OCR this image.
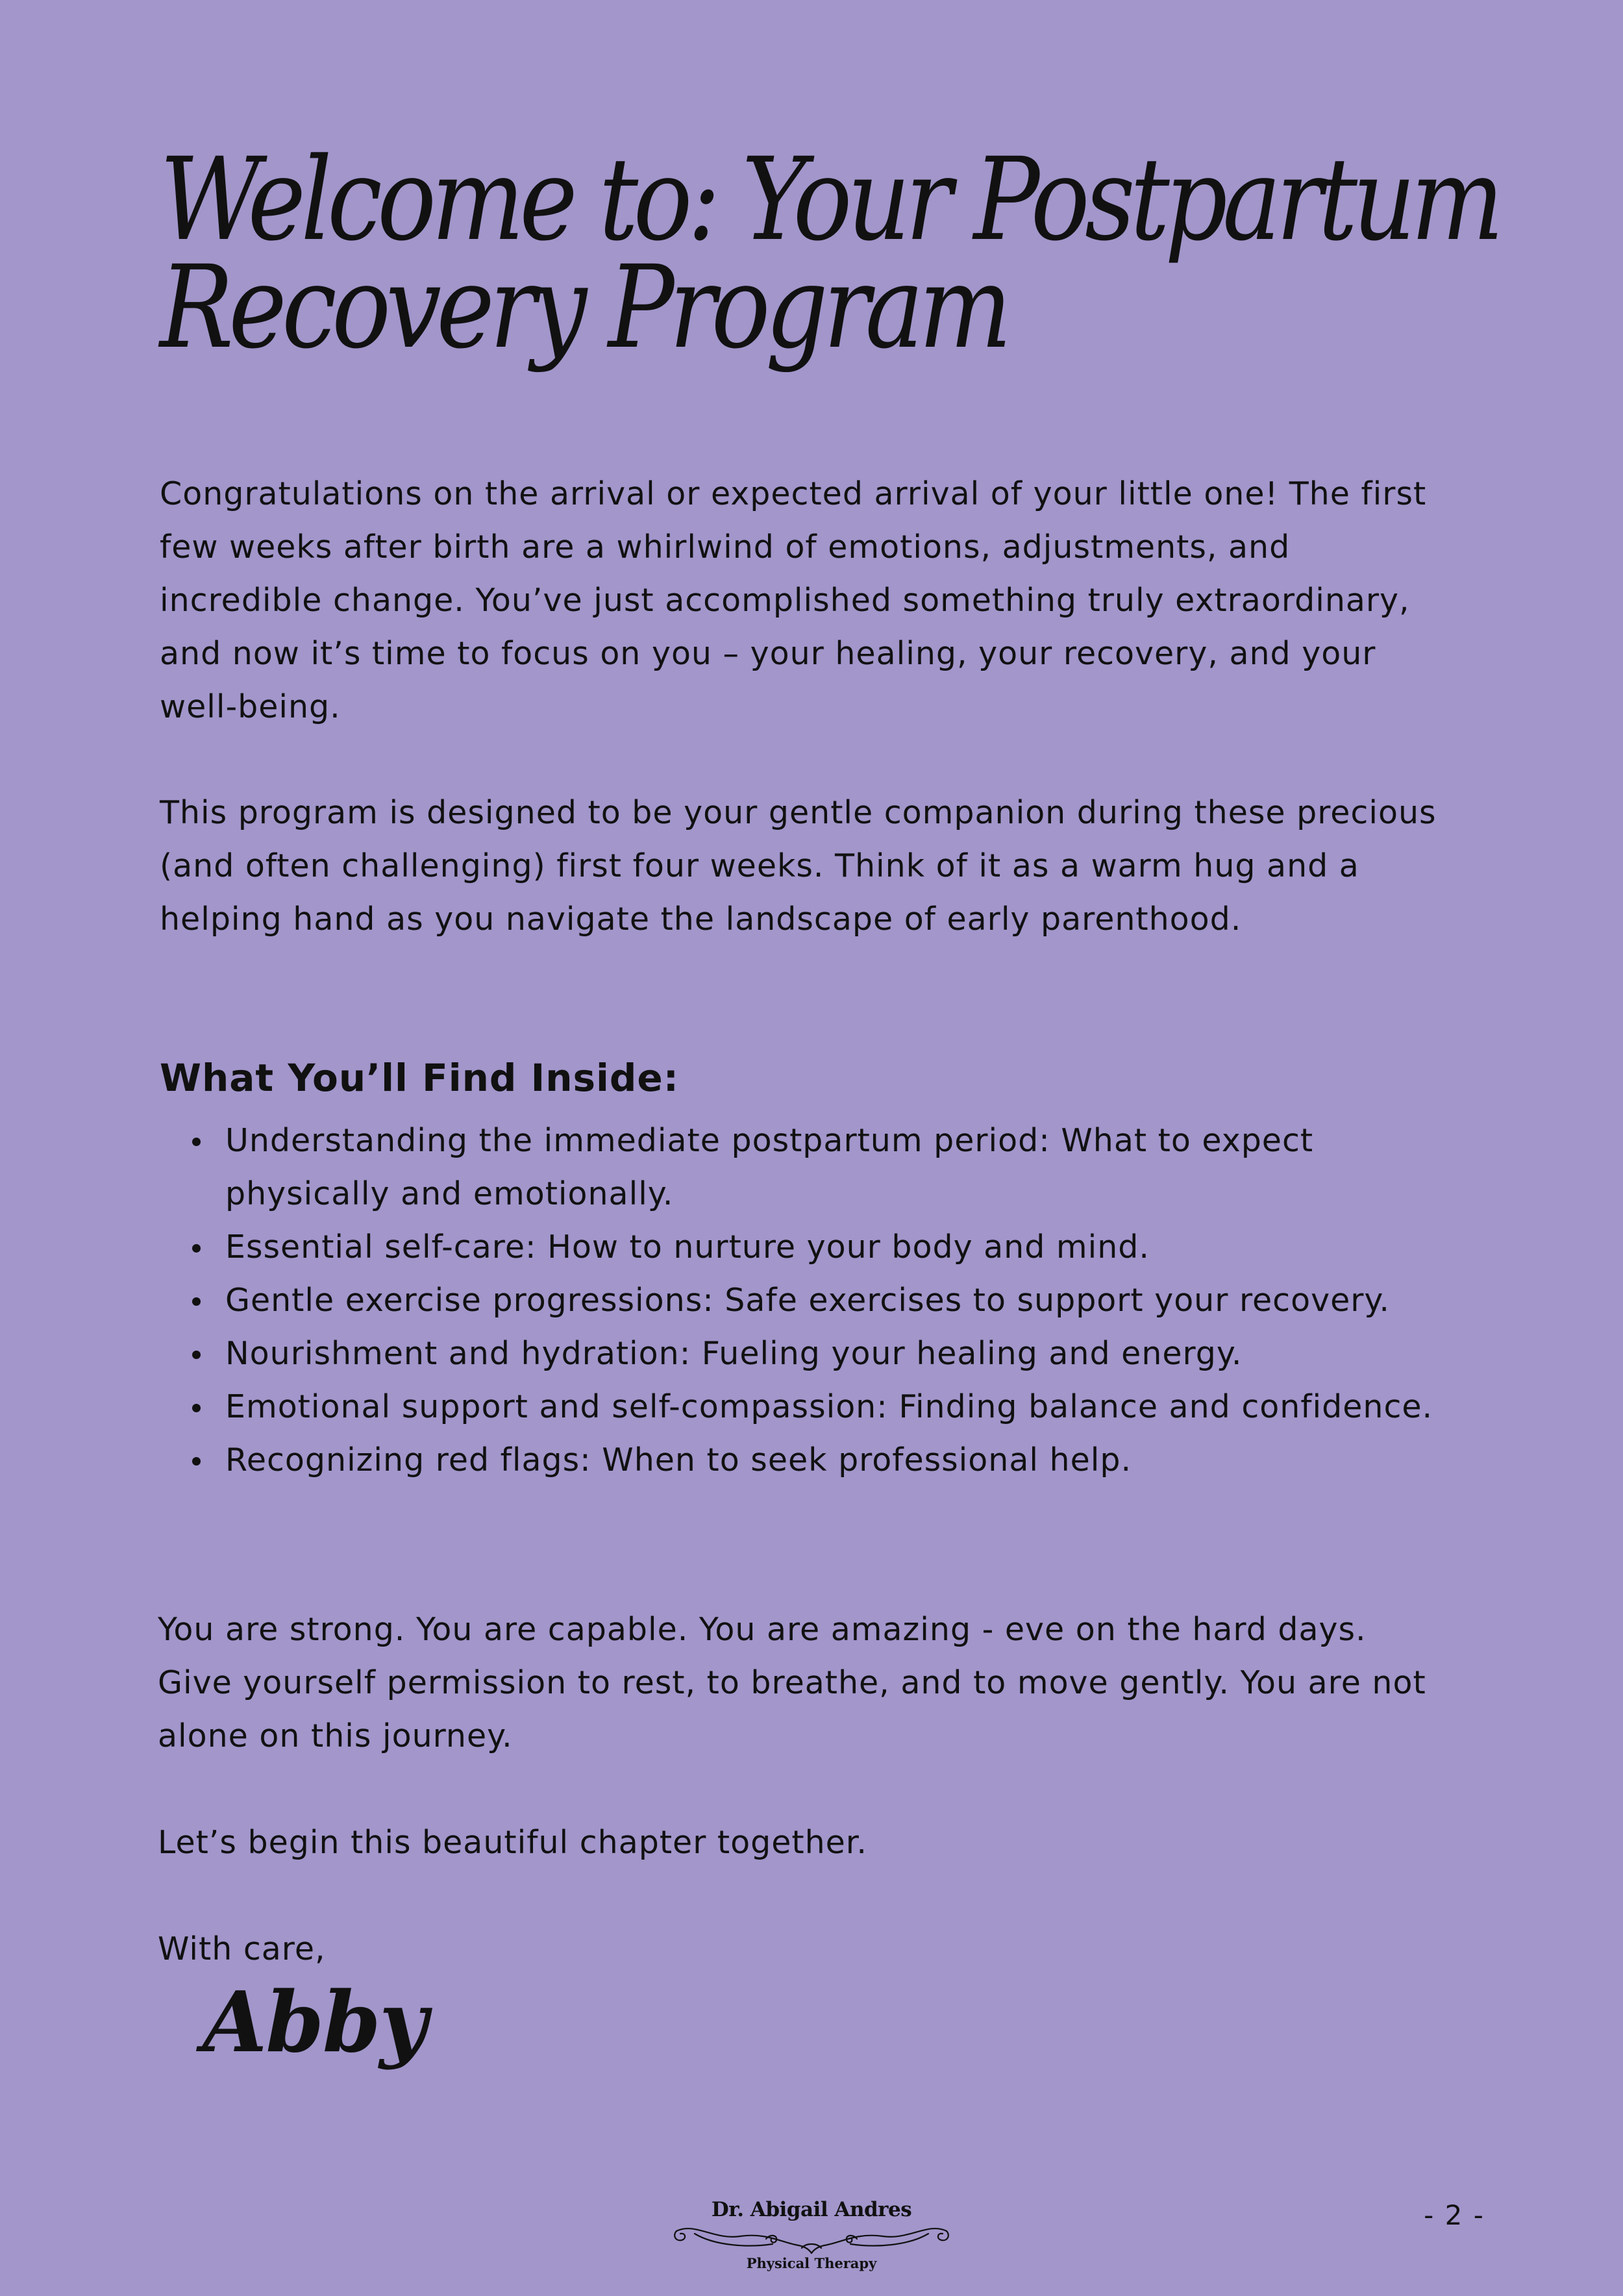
Welcome to: Your Postpartum
Recovery Program

Congratulations on the arrival or expected arrival of your little one! The first
few weeks after birth are a whirlwind of emotions, adjustments, and
incredible change. You’ve just accomplished something truly extraordinary,
and now it’s time to focus on you – your healing, your recovery, and your
well-being.

This program is designed to be your gentle companion during these precious
(and often challenging) first four weeks. Think of it as a warm hug and a
helping hand as you navigate the landscape of early parenthood.

What You’ll Find Inside:
Understanding the immediate postpartum period: What to expect
physically and emotionally.
Essential self-care: How to nurture your body and mind.
Gentle exercise progressions: Safe exercises to support your recovery.
Nourishment and hydration: Fueling your healing and energy.
Emotional support and self-compassion: Finding balance and confidence.
Recognizing red flags: When to seek professional help.

You are strong. You are capable. You are amazing - eve on the hard days.
Give yourself permission to rest, to breathe, and to move gently. You are not
alone on this journey.

Let’s begin this beautiful chapter together.

With care,

Abby
Dr. Abigail Andres
Physical Therapy
- 2 -
